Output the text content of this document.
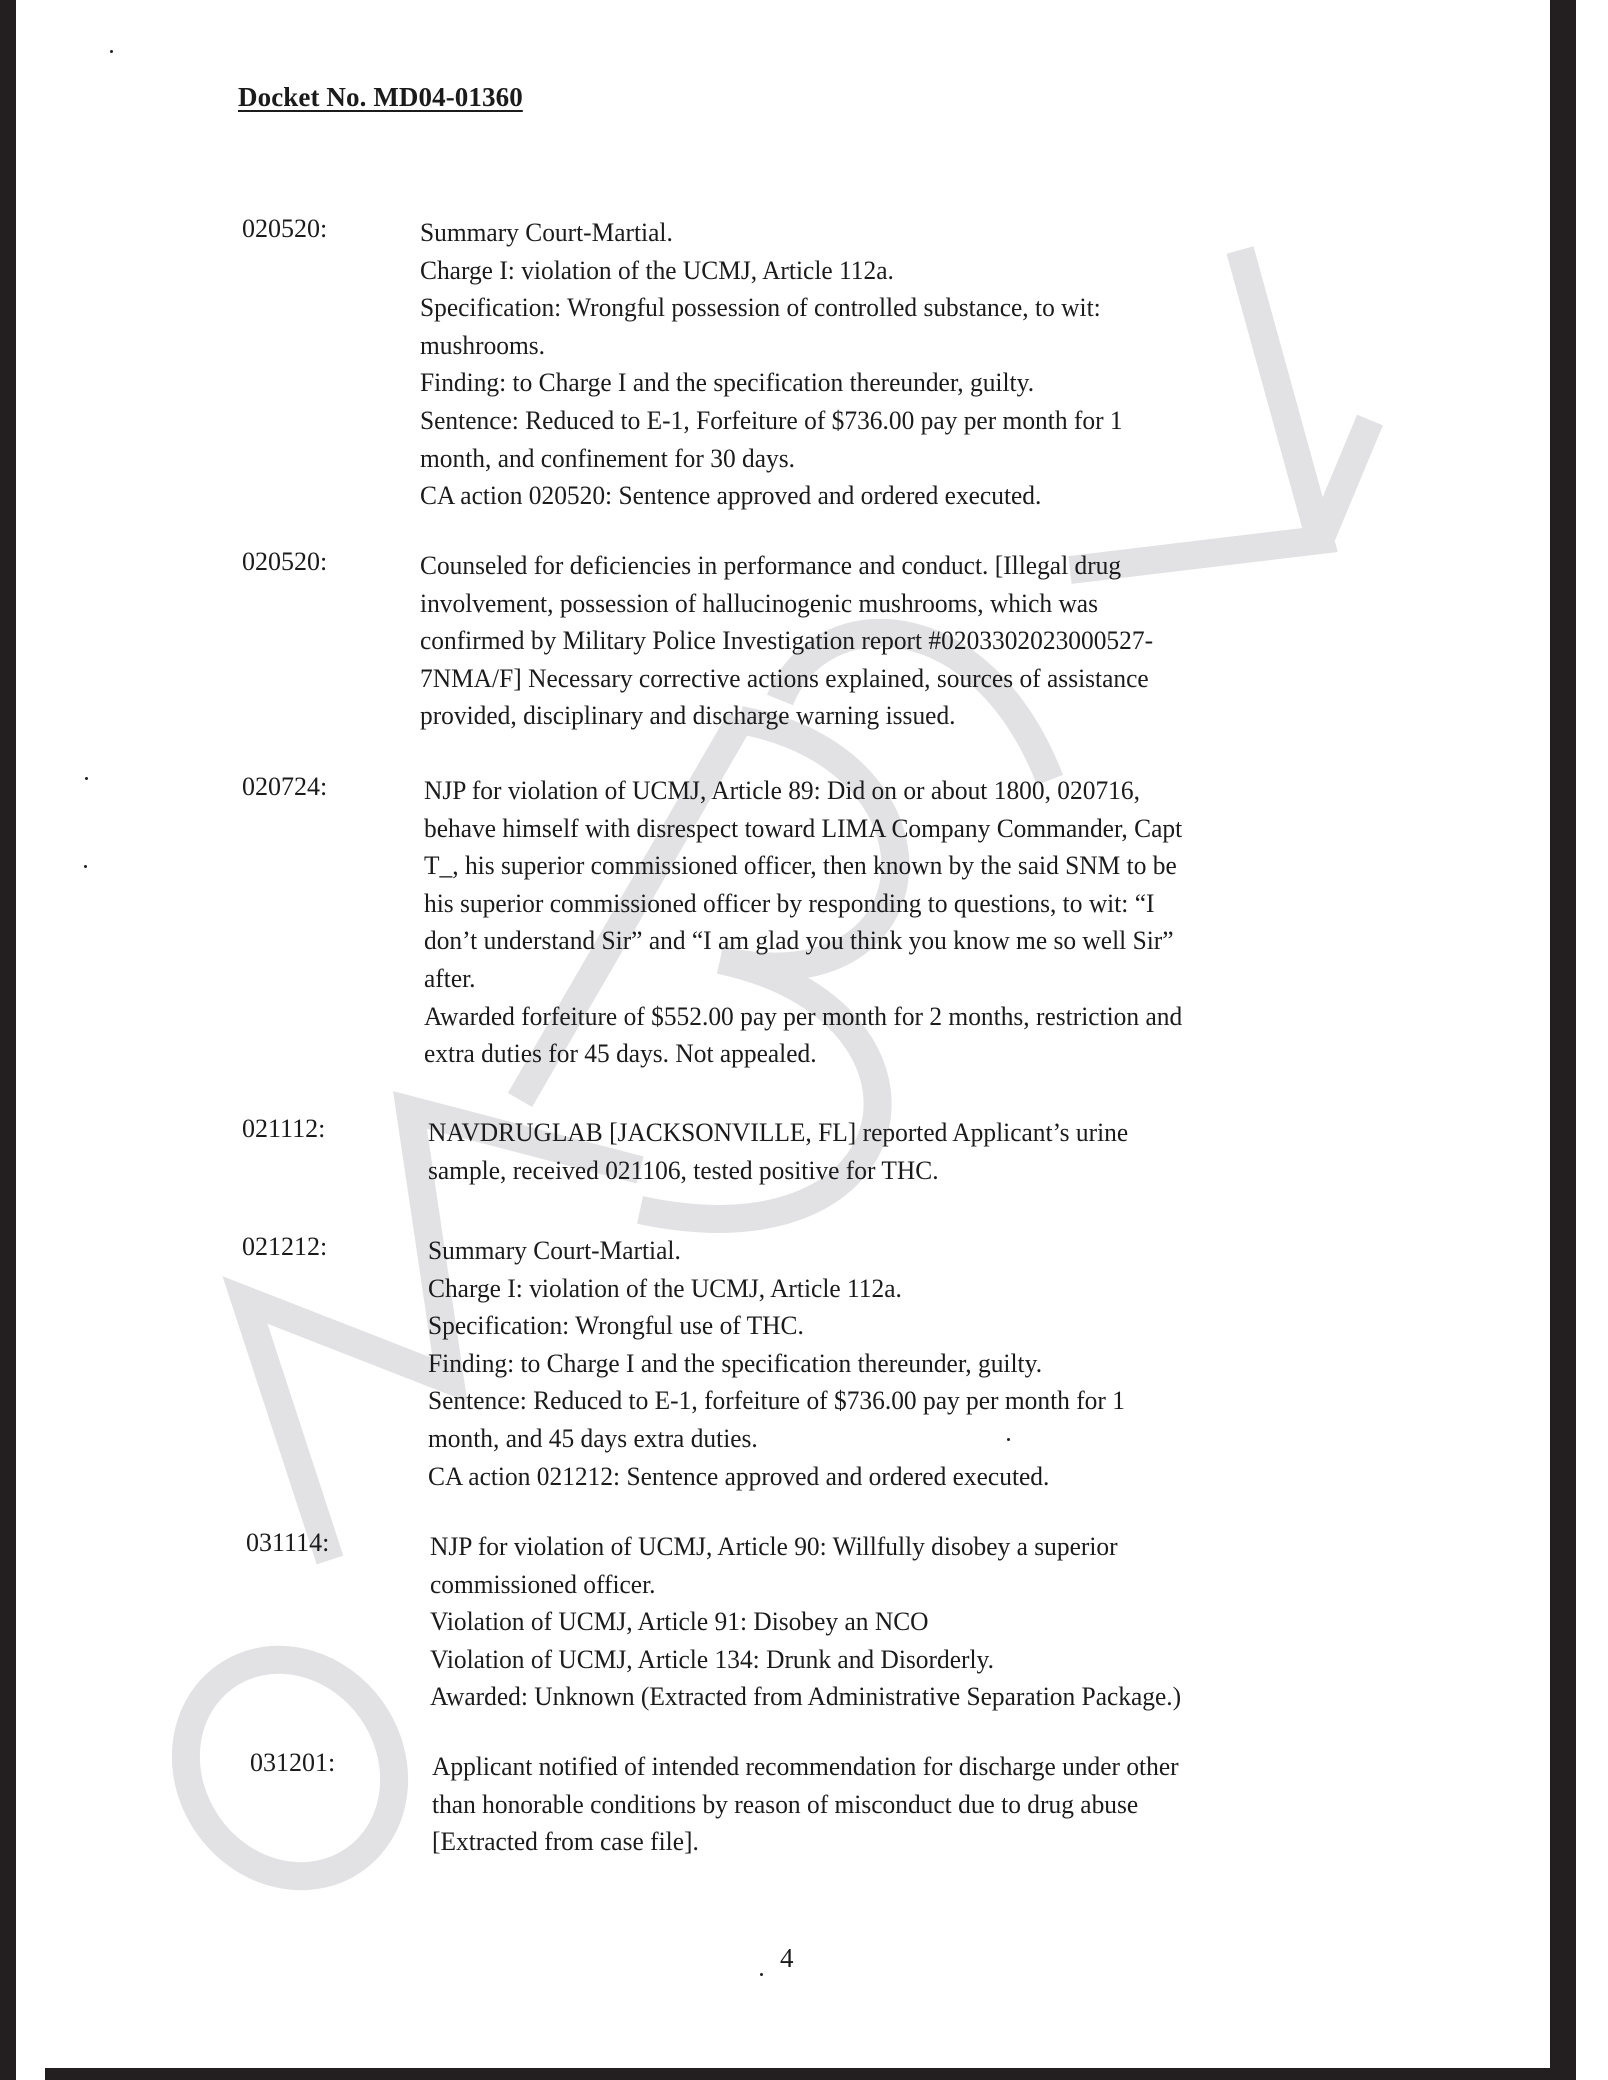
Docket No. MD04-01360
020520:	Summary Court-Martial.
Charge I: violation of the UCMJ, Article 112a.
Specification: Wrongful possession of controlled substance, to wit:
mushrooms.
Finding: to Charge I and the specification thereunder, guilty.
Sentence: Reduced to E-1, Forfeiture of $736.00 pay per month for 1
month, and confinement for 30 days.
CA action 020520: Sentence approved and ordered executed.
020520:	Counseled for deficiencies in performance and conduct. [Illegal drug
involvement, possession of hallucinogenic mushrooms, which was
confirmed by Military Police Investigation report #0203302023000527-
7NMA/F] Necessary corrective actions explained, sources of assistance
provided, disciplinary and discharge warning issued.
020724:	NJP for violation of UCMJ, Article 89: Did on or about 1800, 020716,
behave himself with disrespect toward LIMA Company Commander, Capt
T_, his superior commissioned officer, then known by the said SNM to be
his superior commissioned officer by responding to questions, to wit: “I
don’t understand Sir” and “I am glad you think you know me so well Sir”
after.
Awarded forfeiture of $552.00 pay per month for 2 months, restriction and
extra duties for 45 days. Not appealed.
021112:	NAVDRUGLAB [JACKSONVILLE, FL] reported Applicant’s urine
sample, received 021106, tested positive for THC.
021212:	Summary Court-Martial.
Charge I: violation of the UCMJ, Article 112a.
Specification: Wrongful use of THC.
Finding: to Charge I and the specification thereunder, guilty.
Sentence: Reduced to E-1, forfeiture of $736.00 pay per month for 1
month, and 45 days extra duties.
CA action 021212: Sentence approved and ordered executed.
031114:	NJP for violation of UCMJ, Article 90: Willfully disobey a superior
commissioned officer.
Violation of UCMJ, Article 91: Disobey an NCO
Violation of UCMJ, Article 134: Drunk and Disorderly.
Awarded: Unknown (Extracted from Administrative Separation Package.)
031201:	Applicant notified of intended recommendation for discharge under other
than honorable conditions by reason of misconduct due to drug abuse
[Extracted from case file].
4
